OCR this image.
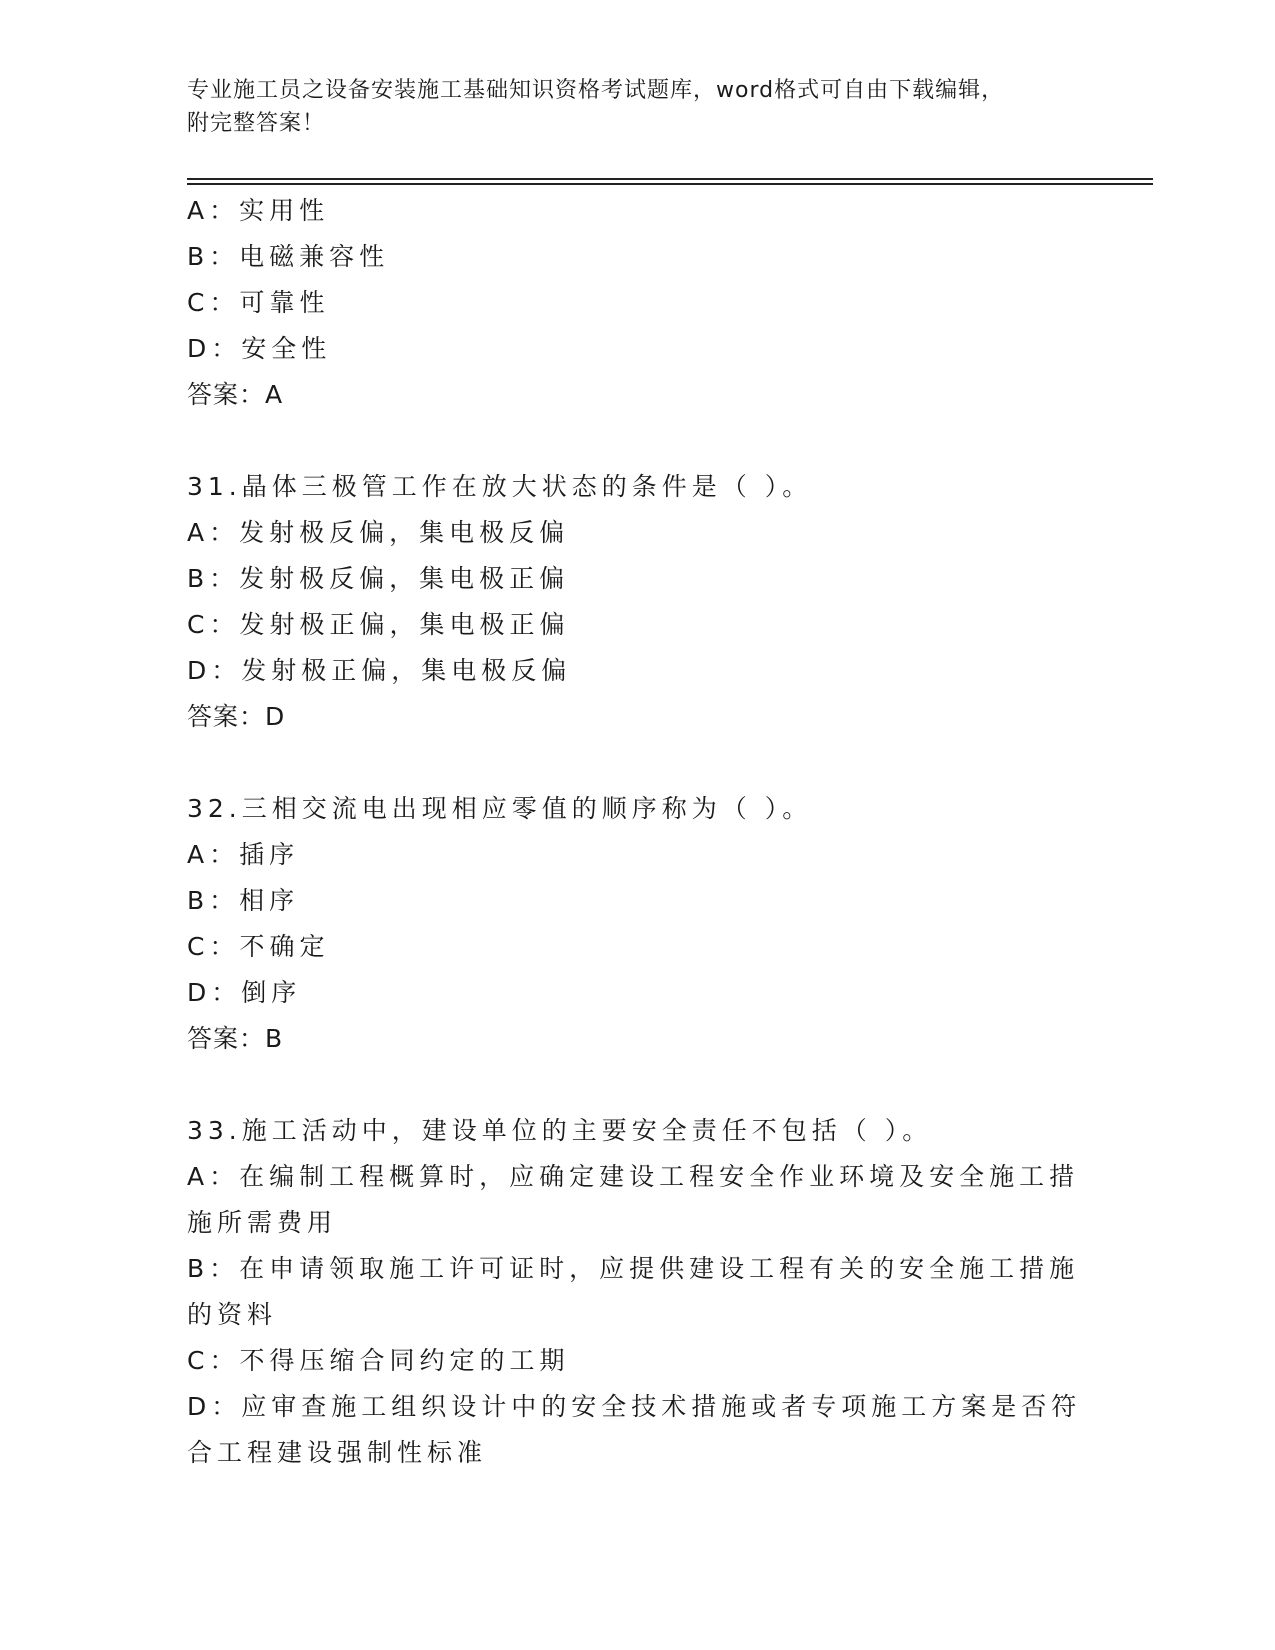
专业施工员之设备安装施工基础知识资格考试题库，word格式可自由下载编辑，
附完整答案！
A：实用性
B：电磁兼容性
C：可靠性
D：安全性
答案：A
31.晶体三极管工作在放大状态的条件是（ ）。
A：发射极反偏，集电极反偏
B：发射极反偏，集电极正偏
C：发射极正偏，集电极正偏
D：发射极正偏，集电极反偏
答案：D
32.三相交流电出现相应零值的顺序称为（ ）。
A：插序
B：相序
C：不确定
D：倒序
答案：B
33.施工活动中，建设单位的主要安全责任不包括（ ）。
A：在编制工程概算时，应确定建设工程安全作业环境及安全施工措施所需费用
B：在申请领取施工许可证时，应提供建设工程有关的安全施工措施的资料
C：不得压缩合同约定的工期
D：应审查施工组织设计中的安全技术措施或者专项施工方案是否符合工程建设强制性标准
